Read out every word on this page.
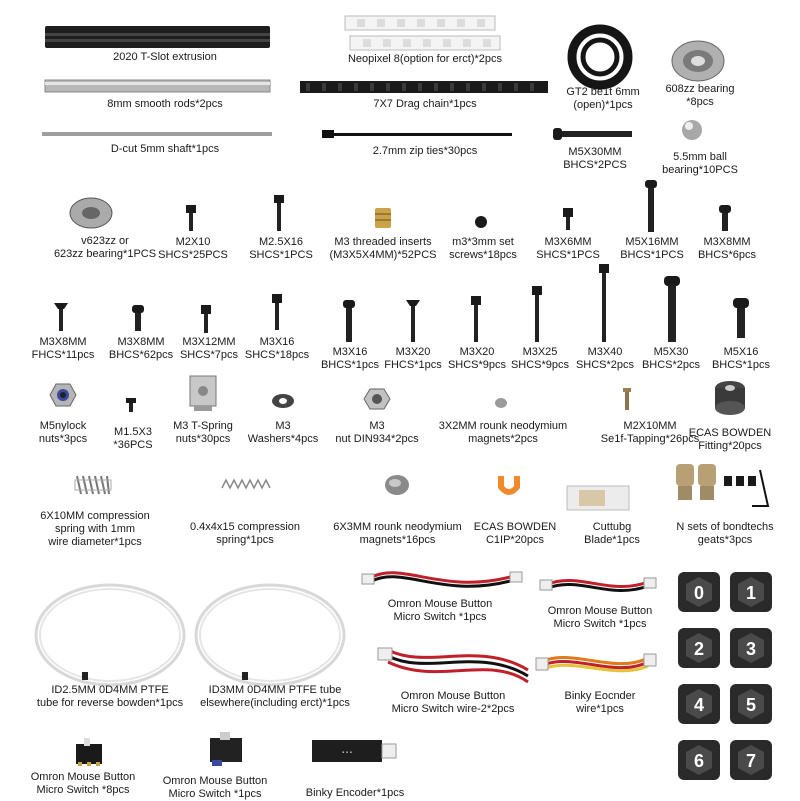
2020 T-Slot extrusion	Neopixel 8(option for erct)*2pcs
GT2 be1t 6mm
(open)*1pcs
608zz bearing
*8pcs
8mm smooth rods*2pcs	7X7 Drag chain*1pcs
D-cut 5mm shaft*1pcs	2.7mm zip ties*30pcs	M5X30MM
BHCS*2PCS
5.5mm ball
bearing*10PCS
v623zz or
623zz bearing*1PCS
M2X10
SHCS*25PCS
M2.5X16
SHCS*1PCS
M3 threaded inserts
(M3X5X4MM)*52PCS
m3*3mm set
screws*18pcs
M3X6MM
SHCS*1PCS
M5X16MM
BHCS*1PCS
M3X8MM
BHCS*6pcs
M3X8MM
FHCS*11pcs
M3X8MM
BHCS*62pcs
M3X12MM
SHCS*7pcs
M3X16
SHCS*18pcs	M3X16
BHCS*1pcs
M3X20
FHCS*1pcs
M3X20
SHCS*9pcs
M3X25
SHCS*9pcs
M3X40
SHCS*2pcs
M5X30
BHCS*2pcs
M5X16
BHCS*1pcs
M5nylock
nuts*3pcs
M1.5X3
*36PCS
M3 T-Spring
nuts*30pcs
M3
Washers*4pcs
M3
nut DIN934*2pcs
3X2MM rounk neodymium
magnets*2pcs
M2X10MM
Se1f-Tapping*26pcs
ECAS BOWDEN
Fitting*20pcs
6X10MM compression
spring with 1mm
wire diameter*1pcs
0.4x4x15 compression
spring*1pcs
6X3MM rounk neodymium
magnets*16pcs
ECAS BOWDEN
C1IP*20pcs
Cuttubg
Blade*1pcs
N sets of bondtechs
geats*3pcs
ID2.5MM 0D4MM PTFE
tube for reverse bowden*1pcs
ID3MM 0D4MM PTFE tube
elsewhere(including erct)*1pcs
Omron Mouse Button
Micro Switch *1pcs	Omron Mouse Button
Micro Switch *1pcs
Omron Mouse Button
Micro Switch wire-2*2pcs
Binky Eocnder
wire*1pcs
0 1
2 3
4 5
6 7
Omron Mouse Button
Micro Switch *8pcs
Omron Mouse Button
Micro Switch *1pcs
▪ ▪ ▪
Binky Encoder*1pcs
